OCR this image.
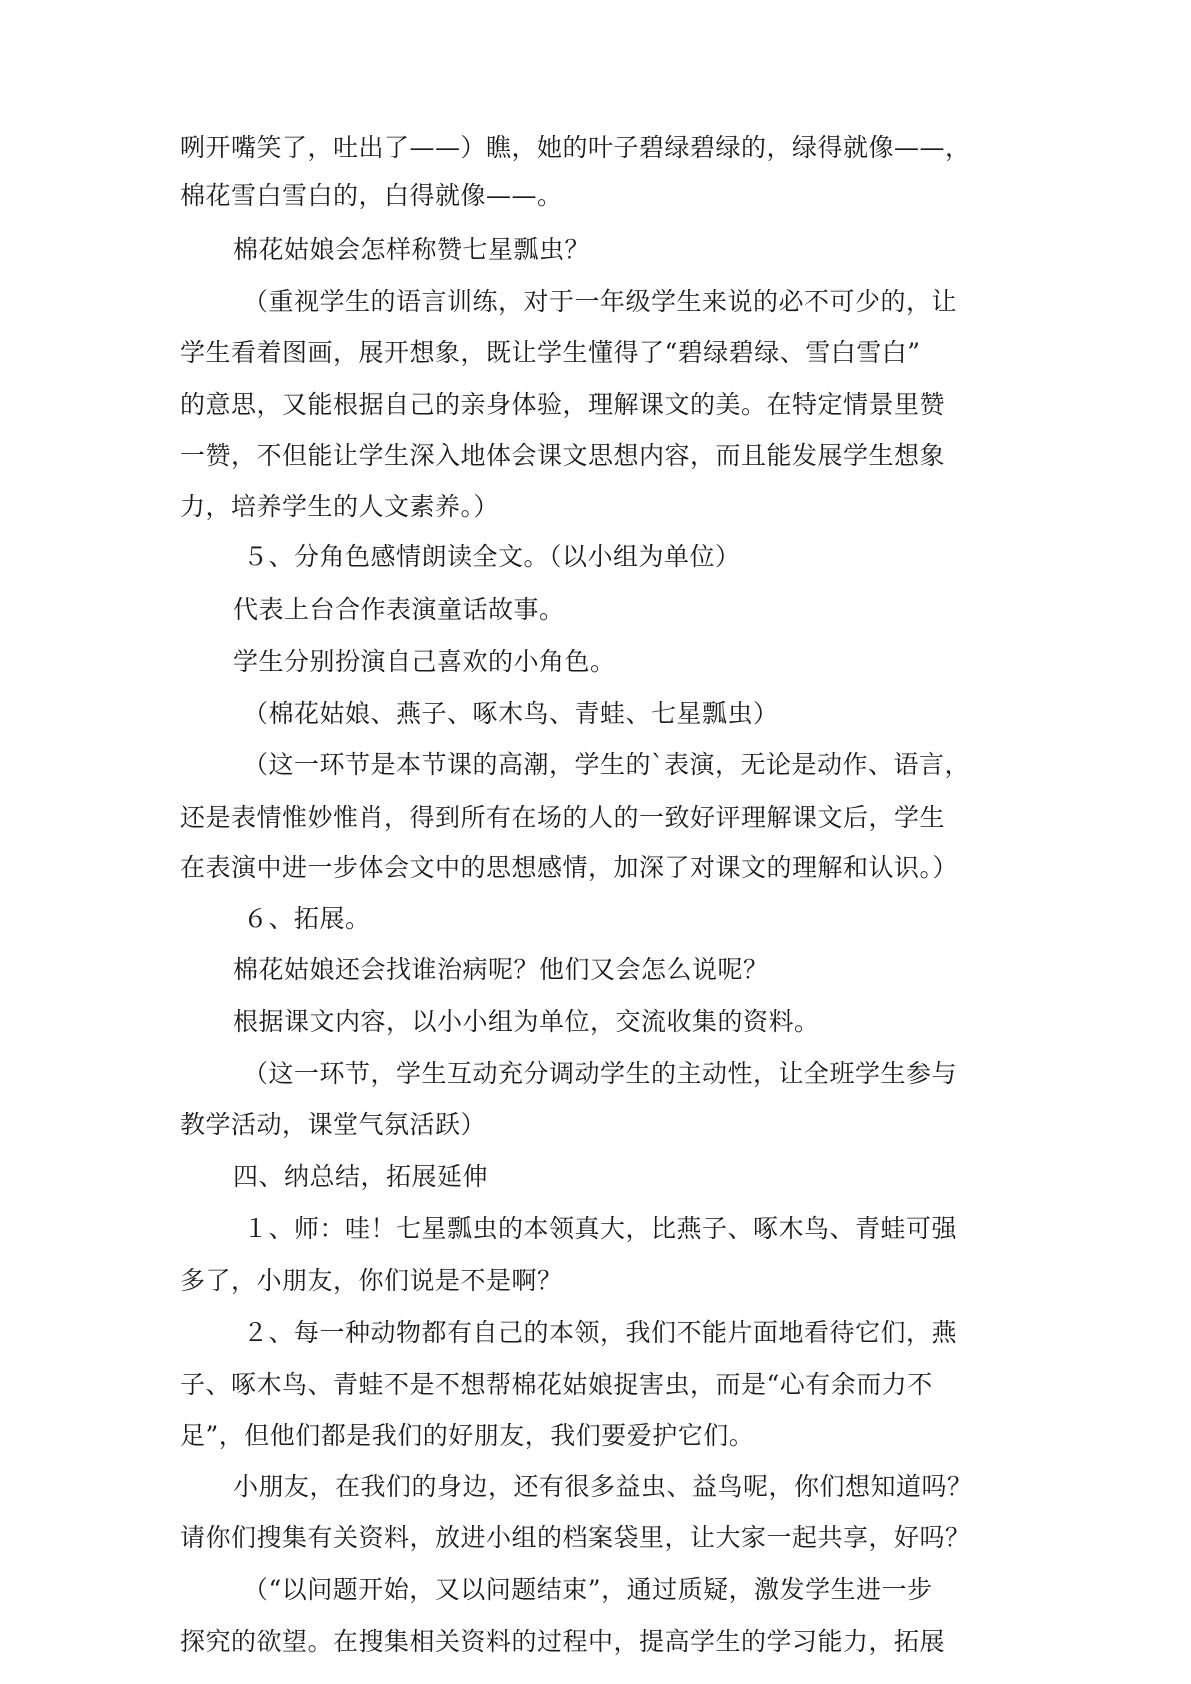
咧开嘴笑了，吐出了——）瞧，她的叶子碧绿碧绿的，绿得就像——，
棉花雪白雪白的，白得就像——。
棉花姑娘会怎样称赞七星瓢虫？
（重视学生的语言训练，对于一年级学生来说的必不可少的，让
学生看着图画，展开想象，既让学生懂得了“碧绿碧绿、雪白雪白”
的意思，又能根据自己的亲身体验，理解课文的美。在特定情景里赞
一赞，不但能让学生深入地体会课文思想内容，而且能发展学生想象
力，培养学生的人文素养。）
５、分角色感情朗读全文。（以小组为单位）
代表上台合作表演童话故事。
学生分别扮演自己喜欢的小角色。
（棉花姑娘、燕子、啄木鸟、青蛙、七星瓢虫）
（这一环节是本节课的高潮，学生的`表演，无论是动作、语言，
还是表情惟妙惟肖，得到所有在场的人的一致好评理解课文后，学生
在表演中进一步体会文中的思想感情，加深了对课文的理解和认识。）
６、拓展。
棉花姑娘还会找谁治病呢？他们又会怎么说呢？
根据课文内容，以小小组为单位，交流收集的资料。
（这一环节，学生互动充分调动学生的主动性，让全班学生参与
教学活动，课堂气氛活跃）
四、纳总结，拓展延伸
１、师：哇！七星瓢虫的本领真大，比燕子、啄木鸟、青蛙可强
多了，小朋友，你们说是不是啊？
２、每一种动物都有自己的本领，我们不能片面地看待它们，燕
子、啄木鸟、青蛙不是不想帮棉花姑娘捉害虫，而是“心有余而力不
足”，但他们都是我们的好朋友，我们要爱护它们。
小朋友，在我们的身边，还有很多益虫、益鸟呢，你们想知道吗？
请你们搜集有关资料，放进小组的档案袋里，让大家一起共享，好吗？
（“以问题开始，又以问题结束”，通过质疑，激发学生进一步
探究的欲望。在搜集相关资料的过程中，提高学生的学习能力，拓展
